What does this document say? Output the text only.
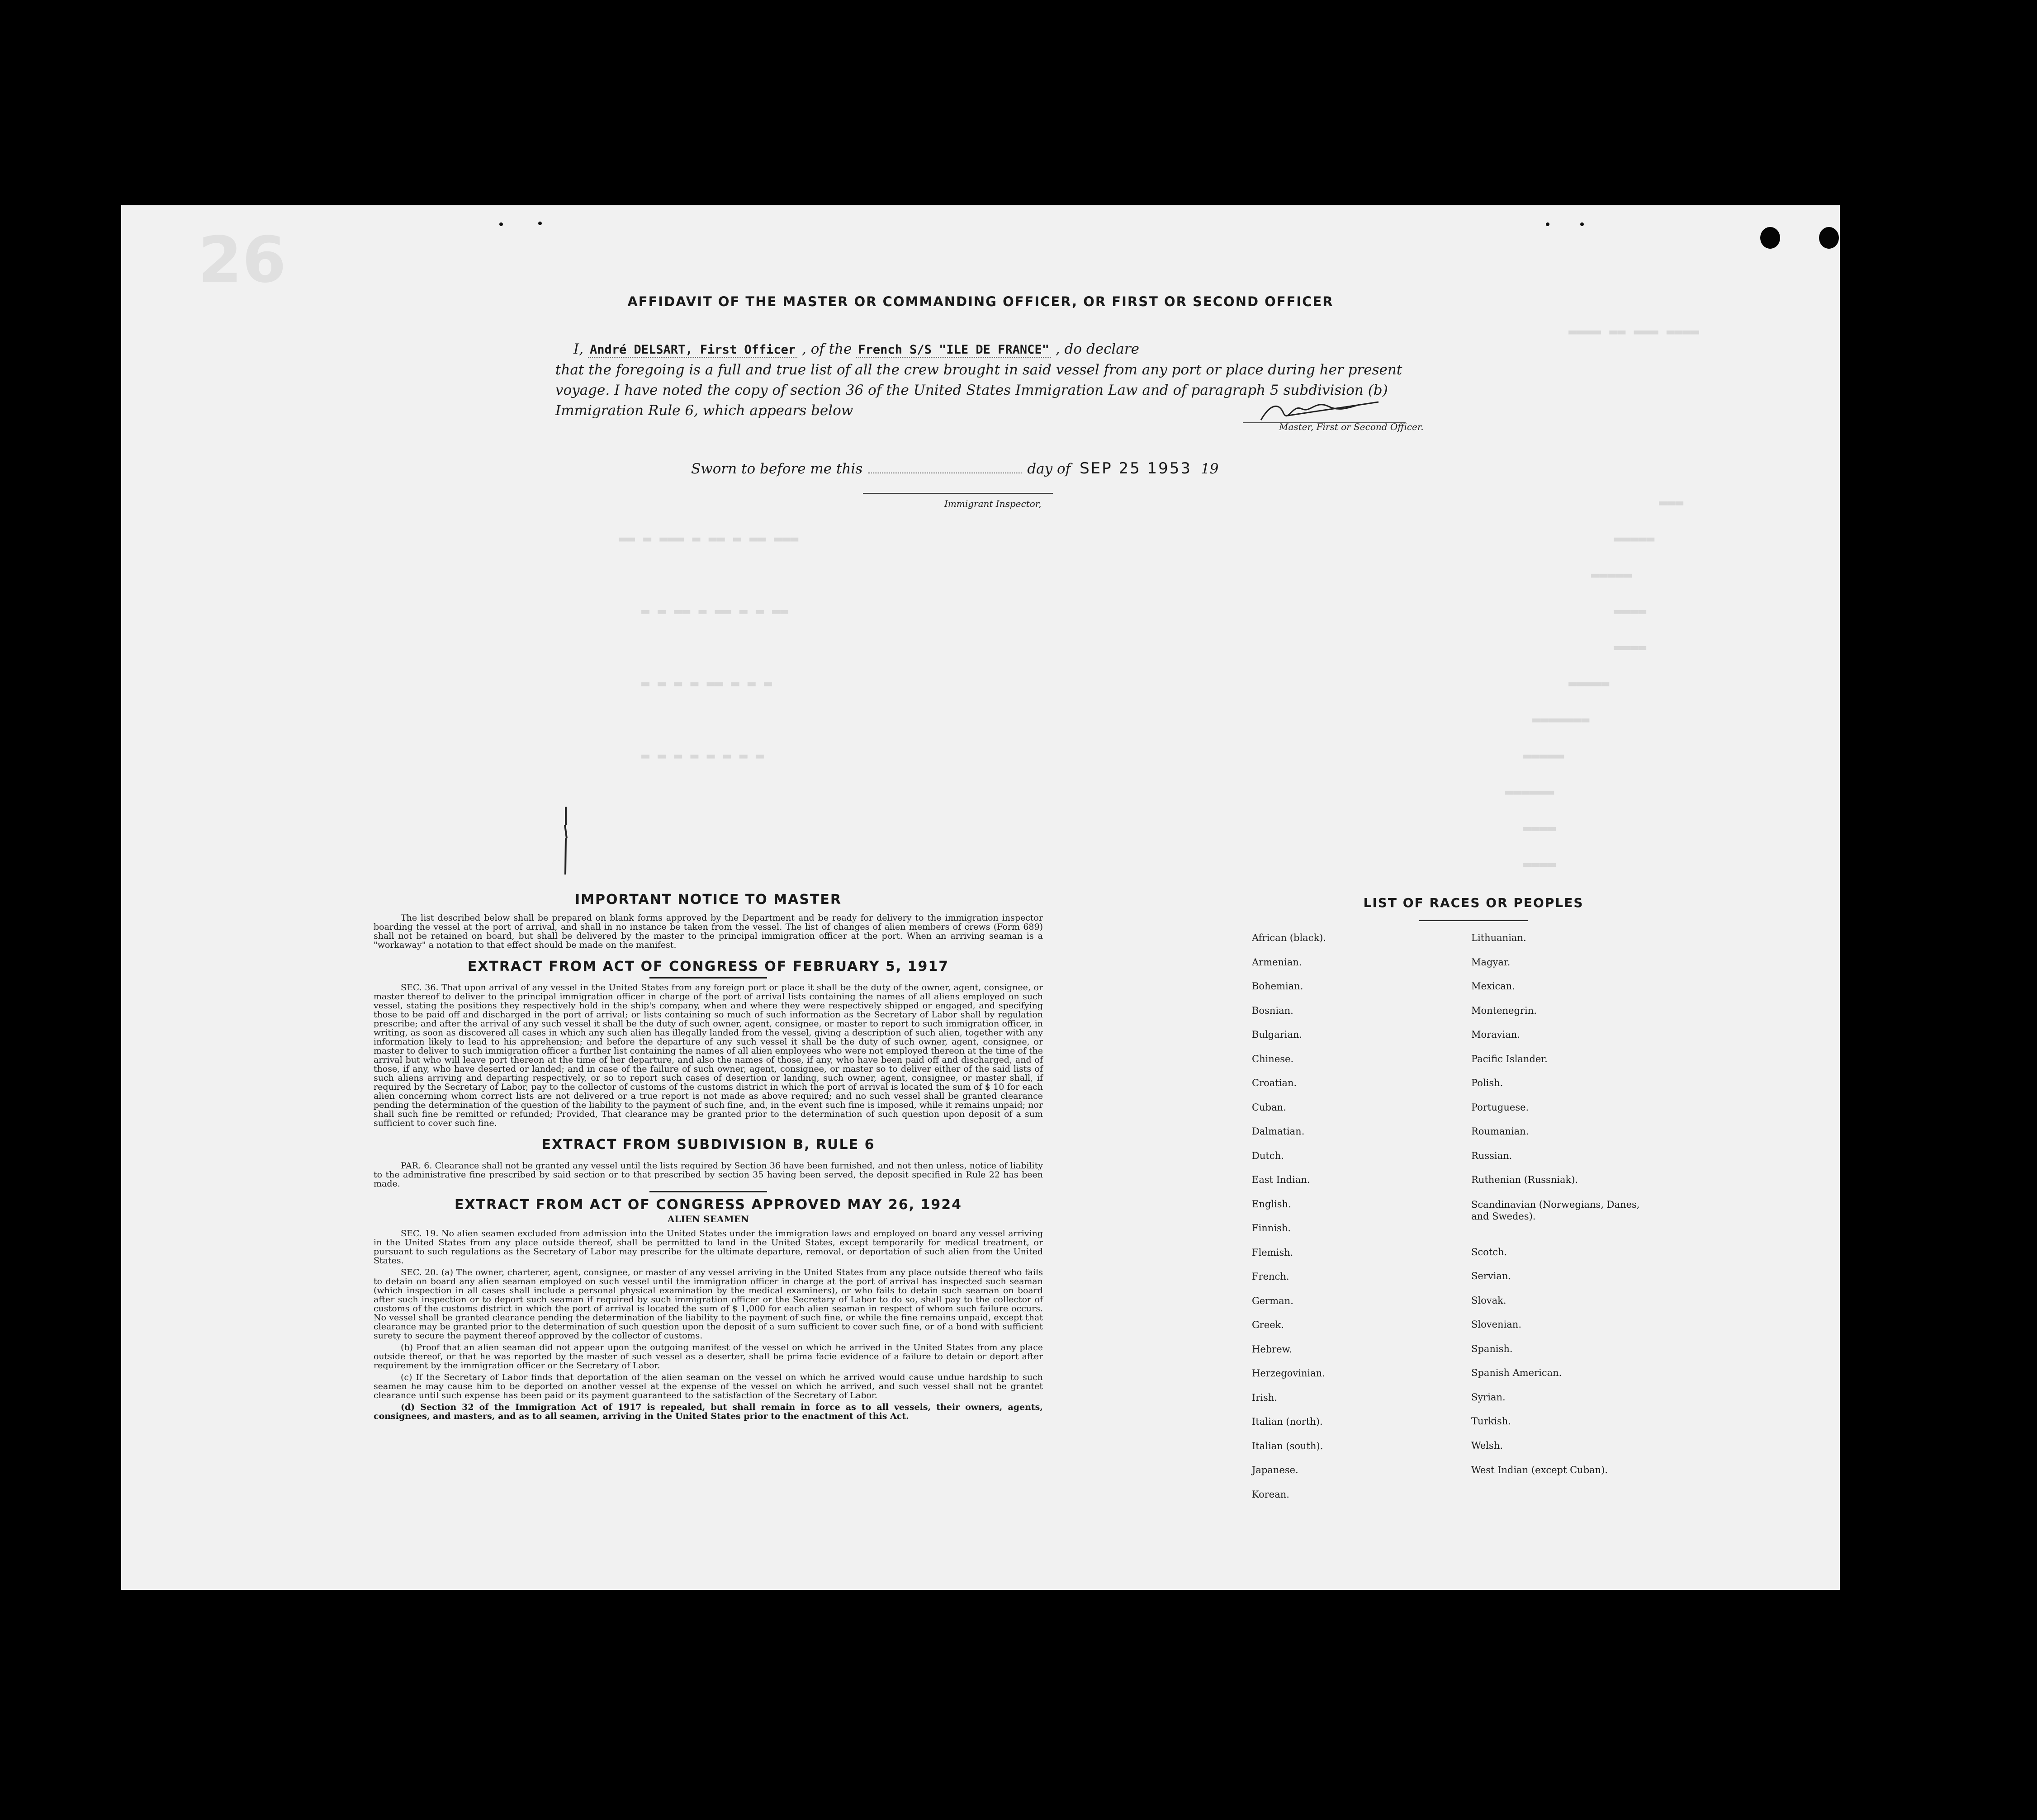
26
▬▬▬▬ ▬▬ ▬▬▬ ▬▬▬▬
▬▬▬
▬▬▬▬▬
▬▬▬▬▬
▬▬▬▬
▬▬▬▬
▬▬▬▬▬
▬▬▬▬▬▬▬
▬▬▬▬▬
▬▬▬▬▬▬
▬▬▬▬
▬▬▬▬
▬▬ ▬ ▬▬▬ ▬ ▬▬ ▬ ▬▬ ▬▬▬
▬ ▬ ▬▬ ▬ ▬▬ ▬ ▬ ▬▬
▬ ▬ ▬ ▬ ▬▬ ▬ ▬ ▬
▬ ▬ ▬ ▬ ▬ ▬ ▬ ▬
AFFIDAVIT OF THE MASTER OR COMMANDING OFFICER, OR FIRST OR SECOND OFFICER
I, André DELSART, First Officer , of the French S/S "ILE DE FRANCE" , do declare
that the foregoing is a full and true list of all the crew brought in said vessel from any port or place during her present voyage. I have noted the copy of section 36 of the United States Immigration Law and of paragraph 5 subdivision (b) Immigration Rule 6, which appears below
Master, First or Second Officer.
Sworn to before me this	day of SEP 25 1953 19
Immigrant Inspector,
IMPORTANT NOTICE TO MASTER

The list described below shall be prepared on blank forms approved by the Department and be ready for delivery to the immigration inspector boarding the vessel at the port of arrival, and shall in no instance be taken from the vessel. The list of changes of alien members of crews (Form 689) shall not be retained on board, but shall be delivered by the master to the principal immigration officer at the port. When an arriving seaman is a "workaway" a notation to that effect should be made on the manifest.

EXTRACT FROM ACT OF CONGRESS OF FEBRUARY 5, 1917

SEC. 36. That upon arrival of any vessel in the United States from any foreign port or place it shall be the duty of the owner, agent, consignee, or master thereof to deliver to the principal immigration officer in charge of the port of arrival lists containing the names of all aliens employed on such vessel, stating the positions they respectively hold in the ship's company, when and where they were respectively shipped or engaged, and specifying those to be paid off and discharged in the port of arrival; or lists containing so much of such information as the Secretary of Labor shall by regulation prescribe; and after the arrival of any such vessel it shall be the duty of such owner, agent, consignee, or master to report to such immigration officer, in writing, as soon as discovered all cases in which any such alien has illegally landed from the vessel, giving a description of such alien, together with any information likely to lead to his apprehension; and before the departure of any such vessel it shall be the duty of such owner, agent, consignee, or master to deliver to such immigration officer a further list containing the names of all alien employees who were not employed thereon at the time of the arrival but who will leave port thereon at the time of her departure, and also the names of those, if any, who have been paid off and discharged, and of those, if any, who have deserted or landed; and in case of the failure of such owner, agent, consignee, or master so to deliver either of the said lists of such aliens arriving and departing respectively, or so to report such cases of desertion or landing, such owner, agent, consignee, or master shall, if required by the Secretary of Labor, pay to the collector of customs of the customs district in which the port of arrival is located the sum of $ 10 for each alien concerning whom correct lists are not delivered or a true report is not made as above required; and no such vessel shall be granted clearance pending the determination of the question of the liability to the payment of such fine, and, in the event such fine is imposed, while it remains unpaid; nor shall such fine be remitted or refunded; Provided, That clearance may be granted prior to the determination of such question upon deposit of a sum sufficient to cover such fine.

EXTRACT FROM SUBDIVISION B, RULE 6

PAR. 6. Clearance shall not be granted any vessel until the lists required by Section 36 have been furnished, and not then unless, notice of liability to the administrative fine prescribed by said section or to that prescribed by section 35 having been served, the deposit specified in Rule 22 has been made.

EXTRACT FROM ACT OF CONGRESS APPROVED MAY 26, 1924
ALIEN SEAMEN

SEC. 19. No alien seamen excluded from admission into the United States under the immigration laws and employed on board any vessel arriving in the United States from any place outside thereof, shall be permitted to land in the United States, except temporarily for medical treatment, or pursuant to such regulations as the Secretary of Labor may prescribe for the ultimate departure, removal, or deportation of such alien from the United States.

SEC. 20. (a) The owner, charterer, agent, consignee, or master of any vessel arriving in the United States from any place outside thereof who fails to detain on board any alien seaman employed on such vessel until the immigration officer in charge at the port of arrival has inspected such seaman (which inspection in all cases shall include a personal physical examination by the medical examiners), or who fails to detain such seaman on board after such inspection or to deport such seaman if required by such immigration officer or the Secretary of Labor to do so, shall pay to the collector of customs of the customs district in which the port of arrival is located the sum of $ 1,000 for each alien seaman in respect of whom such failure occurs. No vessel shall be granted clearance pending the determination of the liability to the payment of such fine, or while the fine remains unpaid, except that clearance may be granted prior to the determination of such question upon the deposit of a sum sufficient to cover such fine, or of a bond with sufficient surety to secure the payment thereof approved by the collector of customs.

(b) Proof that an alien seaman did not appear upon the outgoing manifest of the vessel on which he arrived in the United States from any place outside thereof, or that he was reported by the master of such vessel as a deserter, shall be prima facie evidence of a failure to detain or deport after requirement by the immigration officer or the Secretary of Labor.

(c) If the Secretary of Labor finds that deportation of the alien seaman on the vessel on which he arrived would cause undue hardship to such seamen he may cause him to be deported on another vessel at the expense of the vessel on which he arrived, and such vessel shall not be grantet clearance until such expense has been paid or its payment guaranteed to the satisfaction of the Secretary of Labor.

(d) Section 32 of the Immigration Act of 1917 is repealed, but shall remain in force as to all vessels, their owners, agents, consignees, and masters, and as to all seamen, arriving in the United States prior to the enactment of this Act.

LIST OF RACES OR PEOPLES
African (black).
Armenian.
Bohemian.
Bosnian.
Bulgarian.
Chinese.
Croatian.
Cuban.
Dalmatian.
Dutch.
East Indian.
English.
Finnish.
Flemish.
French.
German.
Greek.
Hebrew.
Herzegovinian.
Irish.
Italian (north).
Italian (south).
Japanese.
Korean.
Lithuanian.
Magyar.
Mexican.
Montenegrin.
Moravian.
Pacific Islander.
Polish.
Portuguese.
Roumanian.
Russian.
Ruthenian (Russniak).
Scandinavian (Norwegians, Danes, and Swedes).
Scotch.
Servian.
Slovak.
Slovenian.
Spanish.
Spanish American.
Syrian.
Turkish.
Welsh.
West Indian (except Cuban).
